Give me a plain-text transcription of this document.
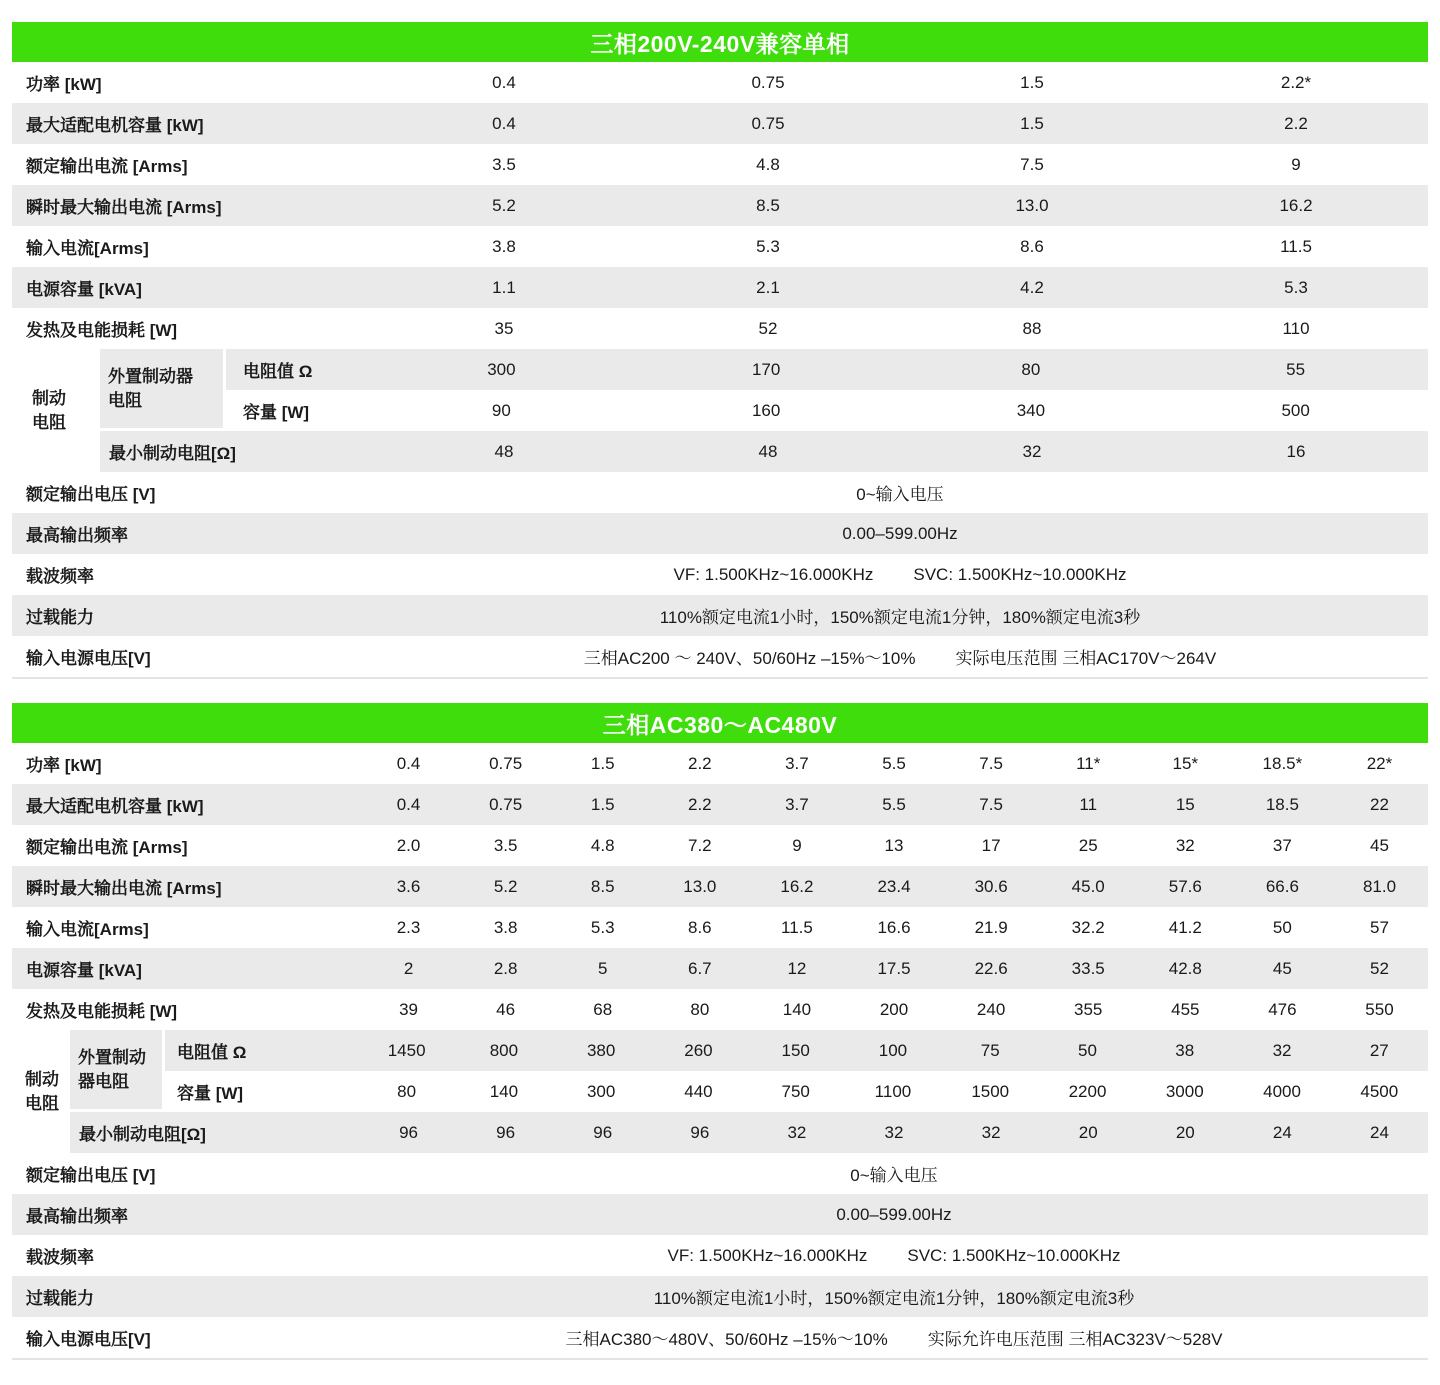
三相200V-240V兼容单相
功率 [kW]	0.4	0.75	1.5	2.2*
最大适配电机容量 [kW]	0.4	0.75	1.5	2.2
额定输出电流 [Arms]	3.5	4.8	7.5	9
瞬时最大输出电流 [Arms]	5.2	8.5	13.0	16.2
输入电流[Arms]	3.8	5.3	8.6	11.5
电源容量 [kVA]	1.1	2.1	4.2	5.3
发热及电能损耗 [W]	35	52	88	110
制动电阻
外置制动器电阻
电阻值 Ω	300	170	80	55
容量 [W]	90	160	340	500
最小制动电阻[Ω]	48	48	32	16
额定输出电压 [V]	0~输入电压
最高输出频率	0.00–599.00Hz
载波频率	VF: 1.500KHz~16.000KHz SVC: 1.500KHz~10.000KHz
过载能力	110%额定电流1小时，150%额定电流1分钟，180%额定电流3秒
输入电源电压[V]	三相AC200 ～ 240V、50/60Hz –15%～10% 实际电压范围 三相AC170V～264V
三相AC380～AC480V
功率 [kW]	0.4	0.75	1.5	2.2	3.7	5.5	7.5	11*	15*	18.5*	22*
最大适配电机容量 [kW]	0.4	0.75	1.5	2.2	3.7	5.5	7.5	11	15	18.5	22
额定输出电流 [Arms]	2.0	3.5	4.8	7.2	9	13	17	25	32	37	45
瞬时最大输出电流 [Arms]	3.6	5.2	8.5	13.0	16.2	23.4	30.6	45.0	57.6	66.6	81.0
输入电流[Arms]	2.3	3.8	5.3	8.6	11.5	16.6	21.9	32.2	41.2	50	57
电源容量 [kVA]	2	2.8	5	6.7	12	17.5	22.6	33.5	42.8	45	52
发热及电能损耗 [W]	39	46	68	80	140	200	240	355	455	476	550
制动电阻
外置制动器电阻
电阻值 Ω	1450	800	380	260	150	100	75	50	38	32	27
容量 [W]	80	140	300	440	750	1100	1500	2200	3000	4000	4500
最小制动电阻[Ω]	96	96	96	96	32	32	32	20	20	24	24
额定输出电压 [V]	0~输入电压
最高输出频率	0.00–599.00Hz
载波频率	VF: 1.500KHz~16.000KHz SVC: 1.500KHz~10.000KHz
过载能力	110%额定电流1小时，150%额定电流1分钟，180%额定电流3秒
输入电源电压[V]	三相AC380～480V、50/60Hz –15%～10% 实际允许电压范围 三相AC323V～528V
